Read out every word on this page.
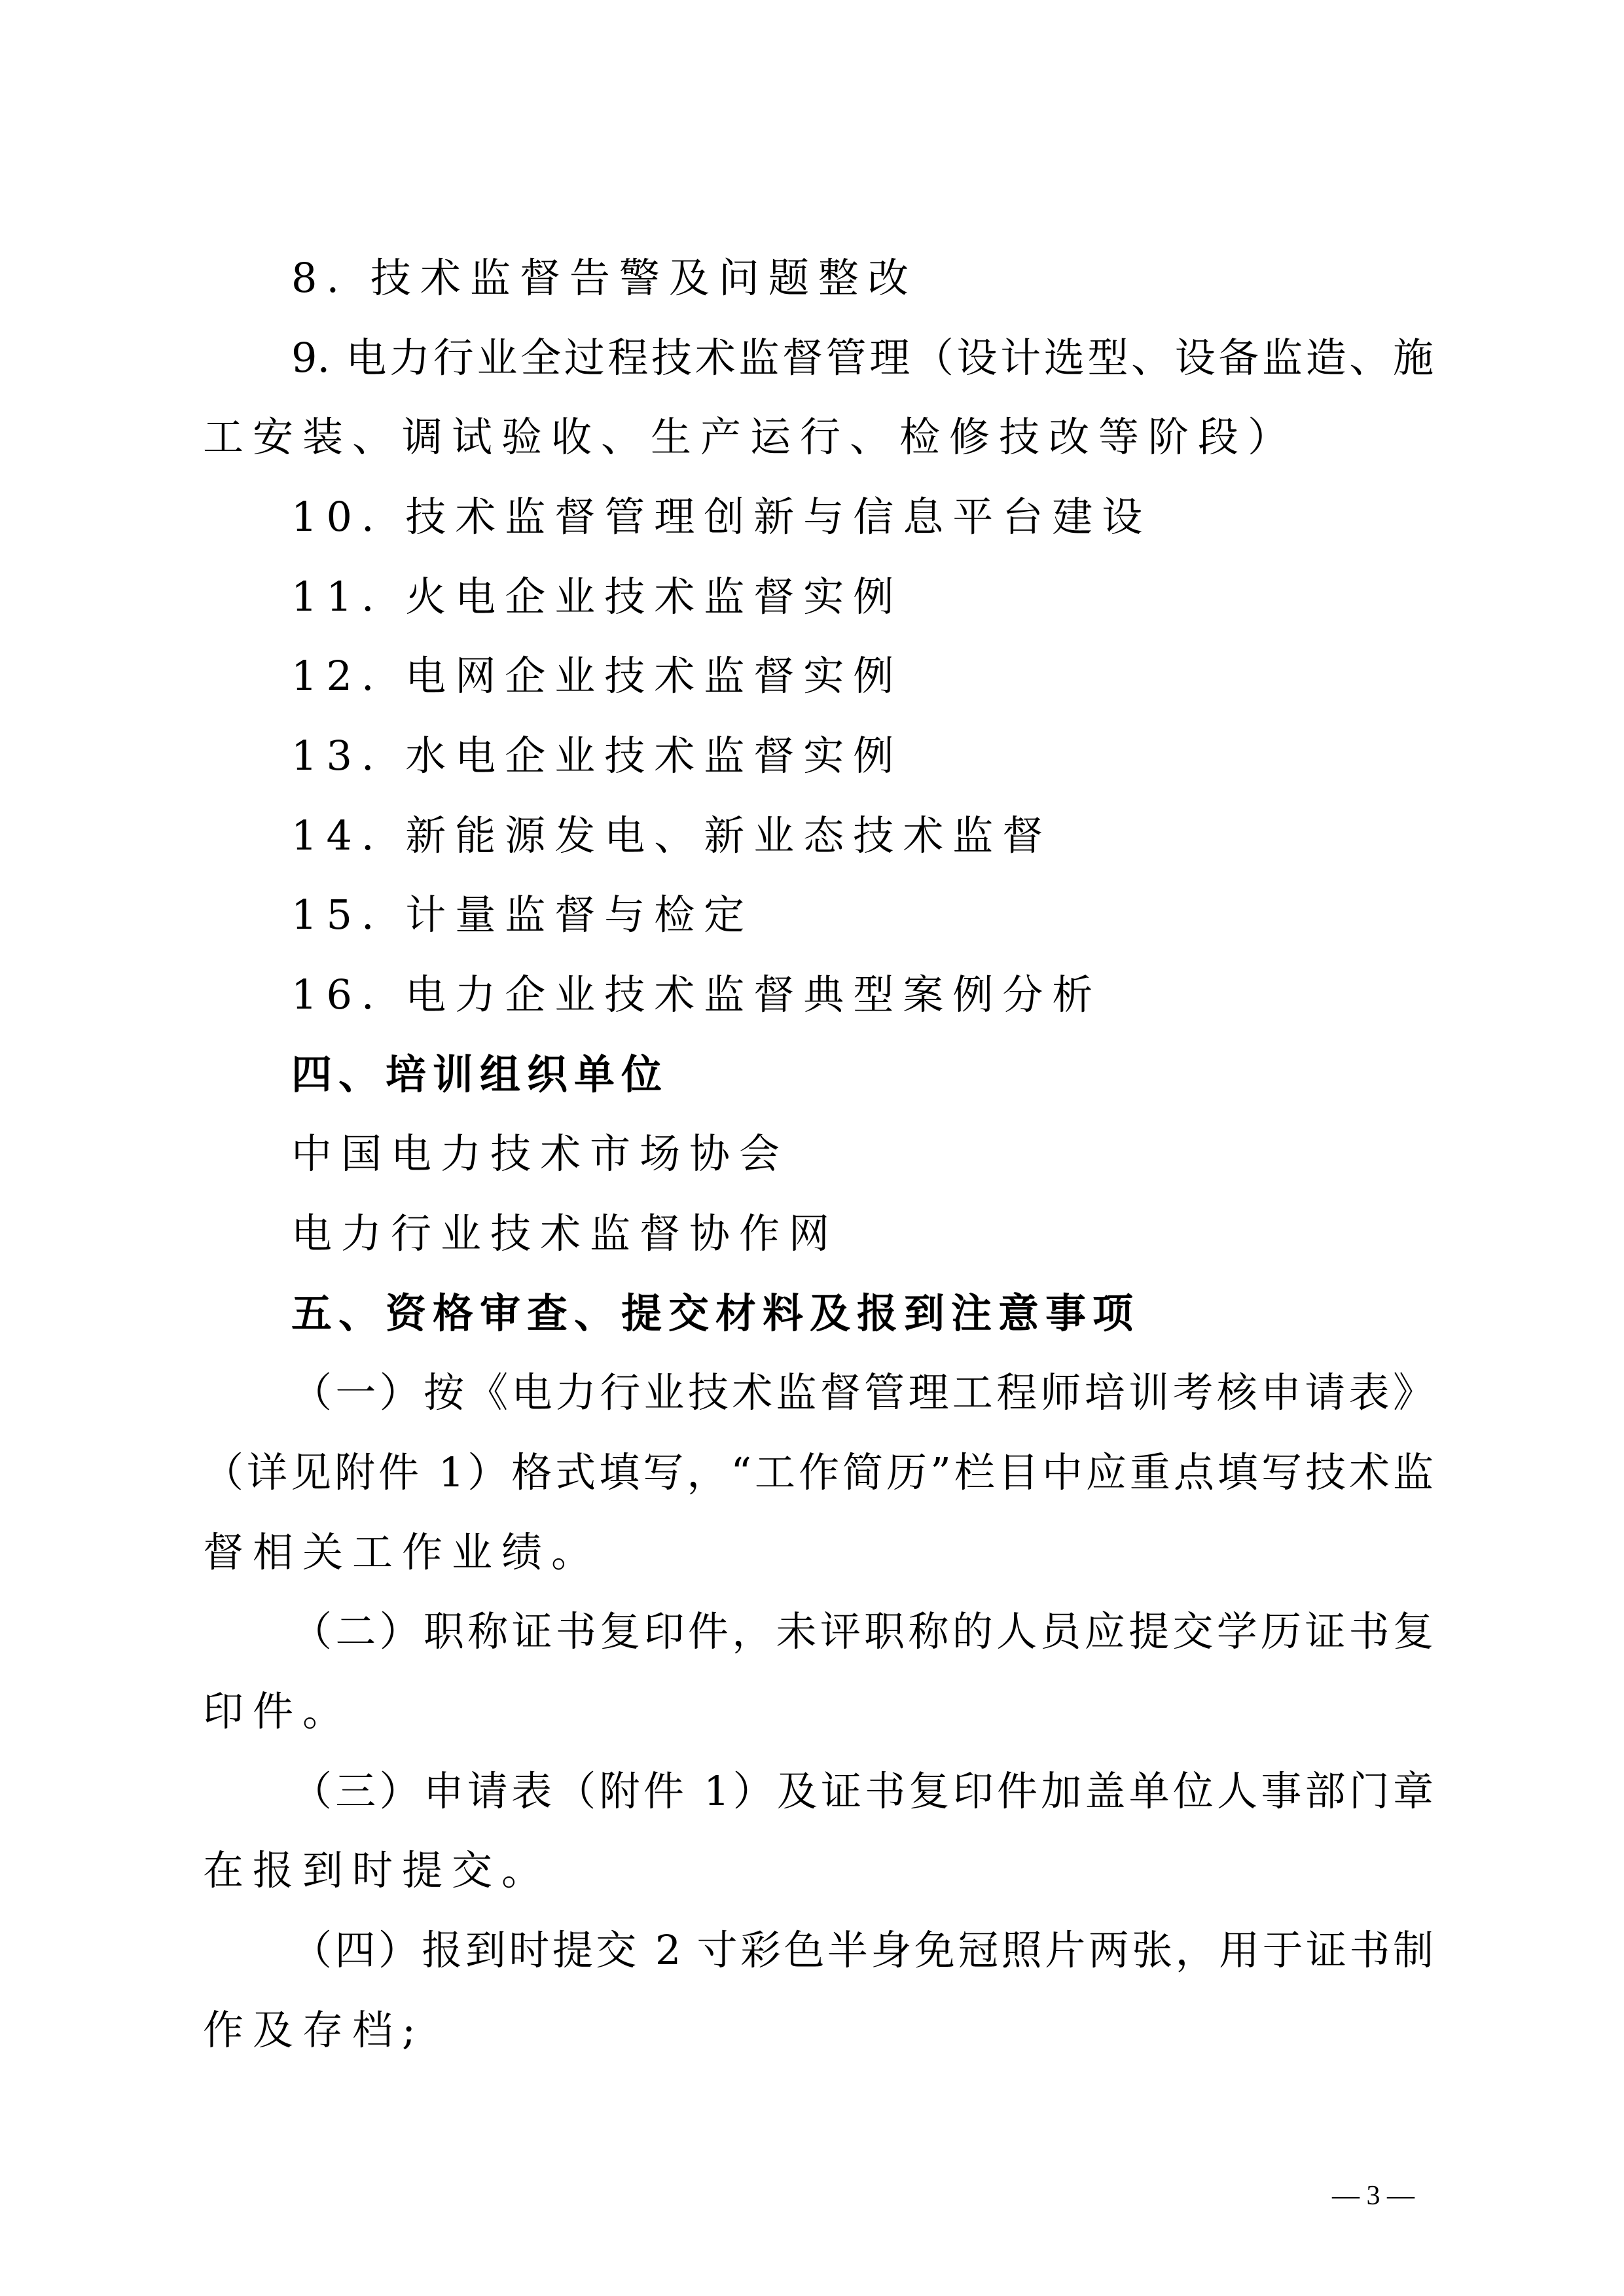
8. 技术监督告警及问题整改
9. 电力行业全过程技术监督管理（设计选型、设备监造、施
工安装、调试验收、生产运行、检修技改等阶段）
10. 技术监督管理创新与信息平台建设
11. 火电企业技术监督实例
12. 电网企业技术监督实例
13. 水电企业技术监督实例
14. 新能源发电、新业态技术监督
15. 计量监督与检定
16. 电力企业技术监督典型案例分析
四、培训组织单位
中国电力技术市场协会
电力行业技术监督协作网
五、资格审查、提交材料及报到注意事项
（一）按《电力行业技术监督管理工程师培训考核申请表》
（详见附件 1）格式填写，“工作简历”栏目中应重点填写技术监
督相关工作业绩。
（二）职称证书复印件，未评职称的人员应提交学历证书复
印件。
（三）申请表（附件 1）及证书复印件加盖单位人事部门章
在报到时提交。
（四）报到时提交 2 寸彩色半身免冠照片两张，用于证书制
作及存档;
— 3 —
